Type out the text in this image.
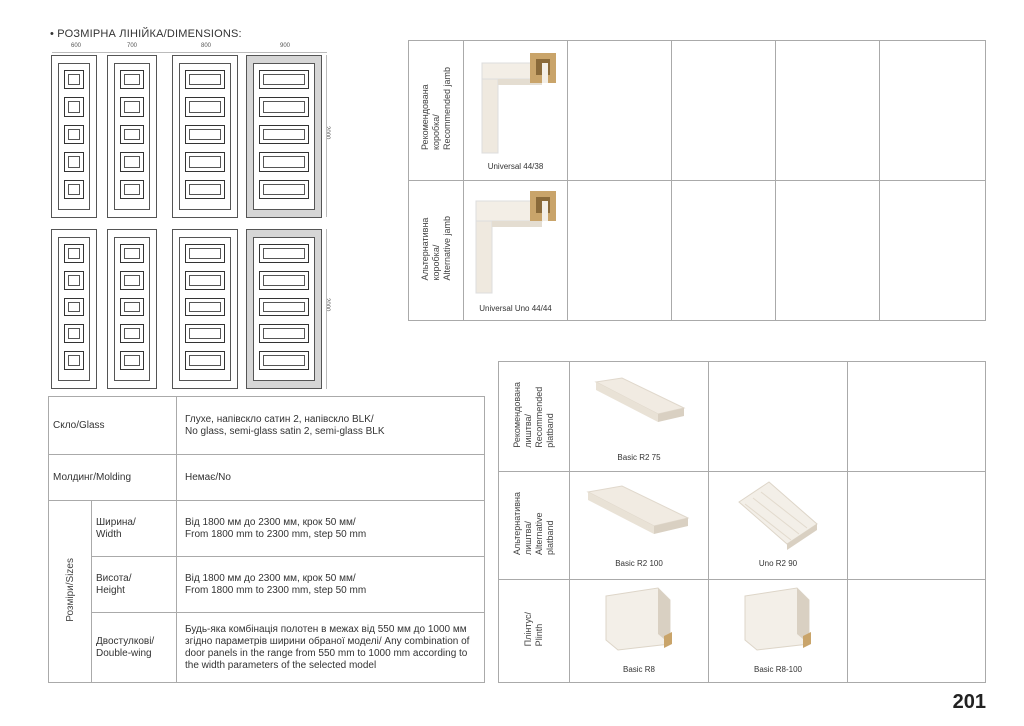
• РОЗМІРНА ЛІНІЙКА/DIMENSIONS:
600	700	800	900
2000
2000
Скло/Glass		Глухе, напівскло сатин 2, напівскло BLK/
No glass, semi-glass satin 2, semi-glass BLK
Молдинг/Molding		Немає/No
Розміри/Sizes	Ширина/
Width	Від 1800 мм до 2300 мм, крок 50 мм/
From 1800 mm to 2300 mm, step 50 mm
	Висота/
Height	Від 1800 мм до 2300 мм, крок 50 мм/
From 1800 mm to 2300 mm, step 50 mm
	Двостулкові/
Double-wing	Будь-яка комбінація полотен в межах від 550 мм до 1000 мм згідно параметрів ширини обраної моделі/ Any combination of door panels in the range from 550 mm to 1000 mm according to the width parameters of the selected model
Рекомендована
коробка/
Recommended jamb	Universal 44/38				

Альтернативна
коробка/
Alternative jamb	Universal Uno 44/44				

Рекомендована
лиштва/
Recommended
platband	Basic R2 75		

Альтернативна
лиштва/
Alternative
platband	Basic R2 100	Uno R2 90	

Плінтус/
Plinth	Basic R8	Basic R8-100	

201
